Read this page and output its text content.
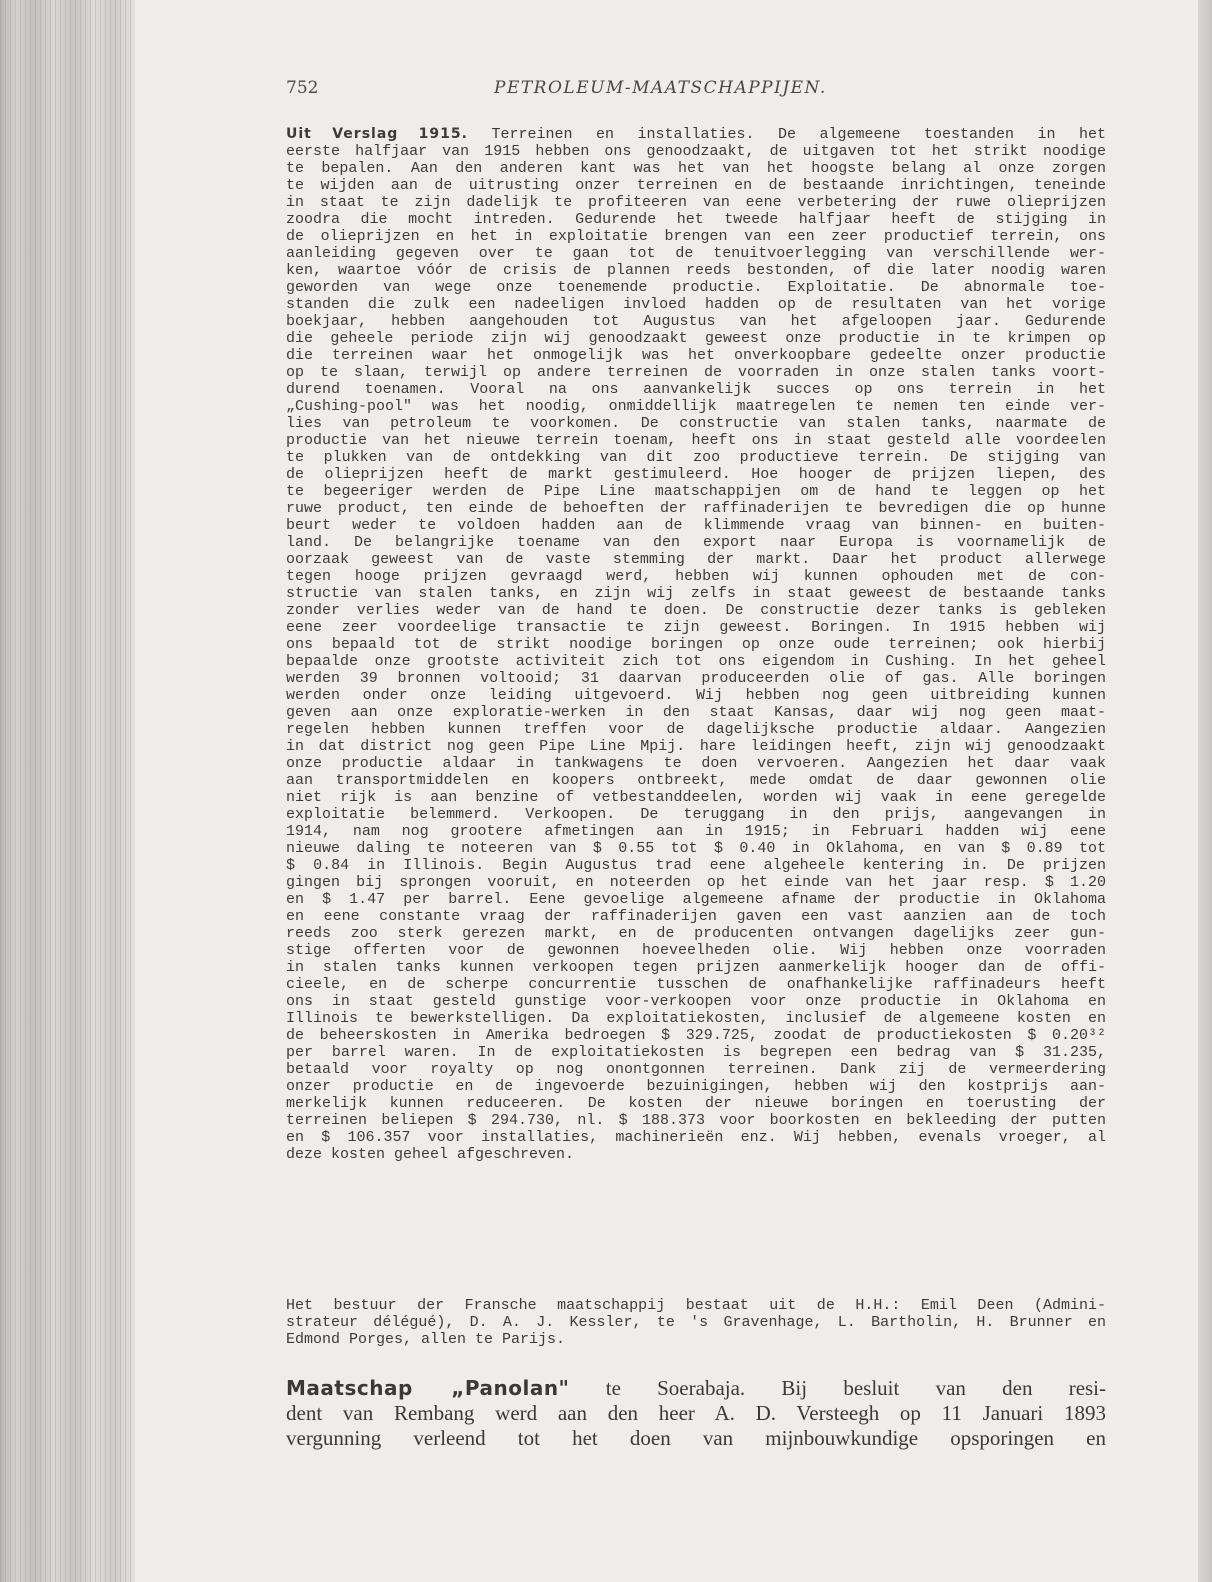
752	PETROLEUM-MAATSCHAPPIJEN.
Uit Verslag 1915. Terreinen en installaties. De algemeene toestanden in het
eerste halfjaar van 1915 hebben ons genoodzaakt, de uitgaven tot het strikt noodige
te bepalen. Aan den anderen kant was het van het hoogste belang al onze zorgen
te wijden aan de uitrusting onzer terreinen en de bestaande inrichtingen, teneinde
in staat te zijn dadelijk te profiteeren van eene verbetering der ruwe olieprijzen
zoodra die mocht intreden. Gedurende het tweede halfjaar heeft de stijging in
de olieprijzen en het in exploitatie brengen van een zeer productief terrein, ons
aanleiding gegeven over te gaan tot de tenuitvoerlegging van verschillende wer-
ken, waartoe vóór de crisis de plannen reeds bestonden, of die later noodig waren
geworden van wege onze toenemende productie. Exploitatie. De abnormale toe-
standen die zulk een nadeeligen invloed hadden op de resultaten van het vorige
boekjaar, hebben aangehouden tot Augustus van het afgeloopen jaar. Gedurende
die geheele periode zijn wij genoodzaakt geweest onze productie in te krimpen op
die terreinen waar het onmogelijk was het onverkoopbare gedeelte onzer productie
op te slaan, terwijl op andere terreinen de voorraden in onze stalen tanks voort-
durend toenamen. Vooral na ons aanvankelijk succes op ons terrein in het
„Cushing-pool" was het noodig, onmiddellijk maatregelen te nemen ten einde ver-
lies van petroleum te voorkomen. De constructie van stalen tanks, naarmate de
productie van het nieuwe terrein toenam, heeft ons in staat gesteld alle voordeelen
te plukken van de ontdekking van dit zoo productieve terrein. De stijging van
de olieprijzen heeft de markt gestimuleerd. Hoe hooger de prijzen liepen, des
te begeeriger werden de Pipe Line maatschappijen om de hand te leggen op het
ruwe product, ten einde de behoeften der raffinaderijen te bevredigen die op hunne
beurt weder te voldoen hadden aan de klimmende vraag van binnen- en buiten-
land. De belangrijke toename van den export naar Europa is voornamelijk de
oorzaak geweest van de vaste stemming der markt. Daar het product allerwege
tegen hooge prijzen gevraagd werd, hebben wij kunnen ophouden met de con-
structie van stalen tanks, en zijn wij zelfs in staat geweest de bestaande tanks
zonder verlies weder van de hand te doen. De constructie dezer tanks is gebleken
eene zeer voordeelige transactie te zijn geweest. Boringen. In 1915 hebben wij
ons bepaald tot de strikt noodige boringen op onze oude terreinen; ook hierbij
bepaalde onze grootste activiteit zich tot ons eigendom in Cushing. In het geheel
werden 39 bronnen voltooid; 31 daarvan produceerden olie of gas. Alle boringen
werden onder onze leiding uitgevoerd. Wij hebben nog geen uitbreiding kunnen
geven aan onze exploratie-werken in den staat Kansas, daar wij nog geen maat-
regelen hebben kunnen treffen voor de dagelijksche productie aldaar. Aangezien
in dat district nog geen Pipe Line Mpij. hare leidingen heeft, zijn wij genoodzaakt
onze productie aldaar in tankwagens te doen vervoeren. Aangezien het daar vaak
aan transportmiddelen en koopers ontbreekt, mede omdat de daar gewonnen olie
niet rijk is aan benzine of vetbestanddeelen, worden wij vaak in eene geregelde
exploitatie belemmerd. Verkoopen. De teruggang in den prijs, aangevangen in
1914, nam nog grootere afmetingen aan in 1915; in Februari hadden wij eene
nieuwe daling te noteeren van $ 0.55 tot $ 0.40 in Oklahoma, en van $ 0.89 tot
$ 0.84 in Illinois. Begin Augustus trad eene algeheele kentering in. De prijzen
gingen bij sprongen vooruit, en noteerden op het einde van het jaar resp. $ 1.20
en $ 1.47 per barrel. Eene gevoelige algemeene afname der productie in Oklahoma
en eene constante vraag der raffinaderijen gaven een vast aanzien aan de toch
reeds zoo sterk gerezen markt, en de producenten ontvangen dagelijks zeer gun-
stige offerten voor de gewonnen hoeveelheden olie. Wij hebben onze voorraden
in stalen tanks kunnen verkoopen tegen prijzen aanmerkelijk hooger dan de offi-
cieele, en de scherpe concurrentie tusschen de onafhankelijke raffinadeurs heeft
ons in staat gesteld gunstige voor-verkoopen voor onze productie in Oklahoma en
Illinois te bewerkstelligen. Da exploitatiekosten, inclusief de algemeene kosten en
de beheerskosten in Amerika bedroegen $ 329.725, zoodat de productiekosten $ 0.20³²
per barrel waren. In de exploitatiekosten is begrepen een bedrag van $ 31.235,
betaald voor royalty op nog onontgonnen terreinen. Dank zij de vermeerdering
onzer productie en de ingevoerde bezuinigingen, hebben wij den kostprijs aan-
merkelijk kunnen reduceeren. De kosten der nieuwe boringen en toerusting der
terreinen beliepen $ 294.730, nl. $ 188.373 voor boorkosten en bekleeding der putten
en $ 106.357 voor installaties, machinerieën enz. Wij hebben, evenals vroeger, al
deze kosten geheel afgeschreven.
Het bestuur der Fransche maatschappij bestaat uit de H.H.: Emil Deen (Admini-
strateur délégué), D. A. J. Kessler, te 's Gravenhage, L. Bartholin, H. Brunner en
Edmond Porges, allen te Parijs.
Maatschap „Panolan" te Soerabaja. Bij besluit van den resi-
dent van Rembang werd aan den heer A. D. Versteegh op 11 Januari 1893
vergunning verleend tot het doen van mijnbouwkundige opsporingen en
